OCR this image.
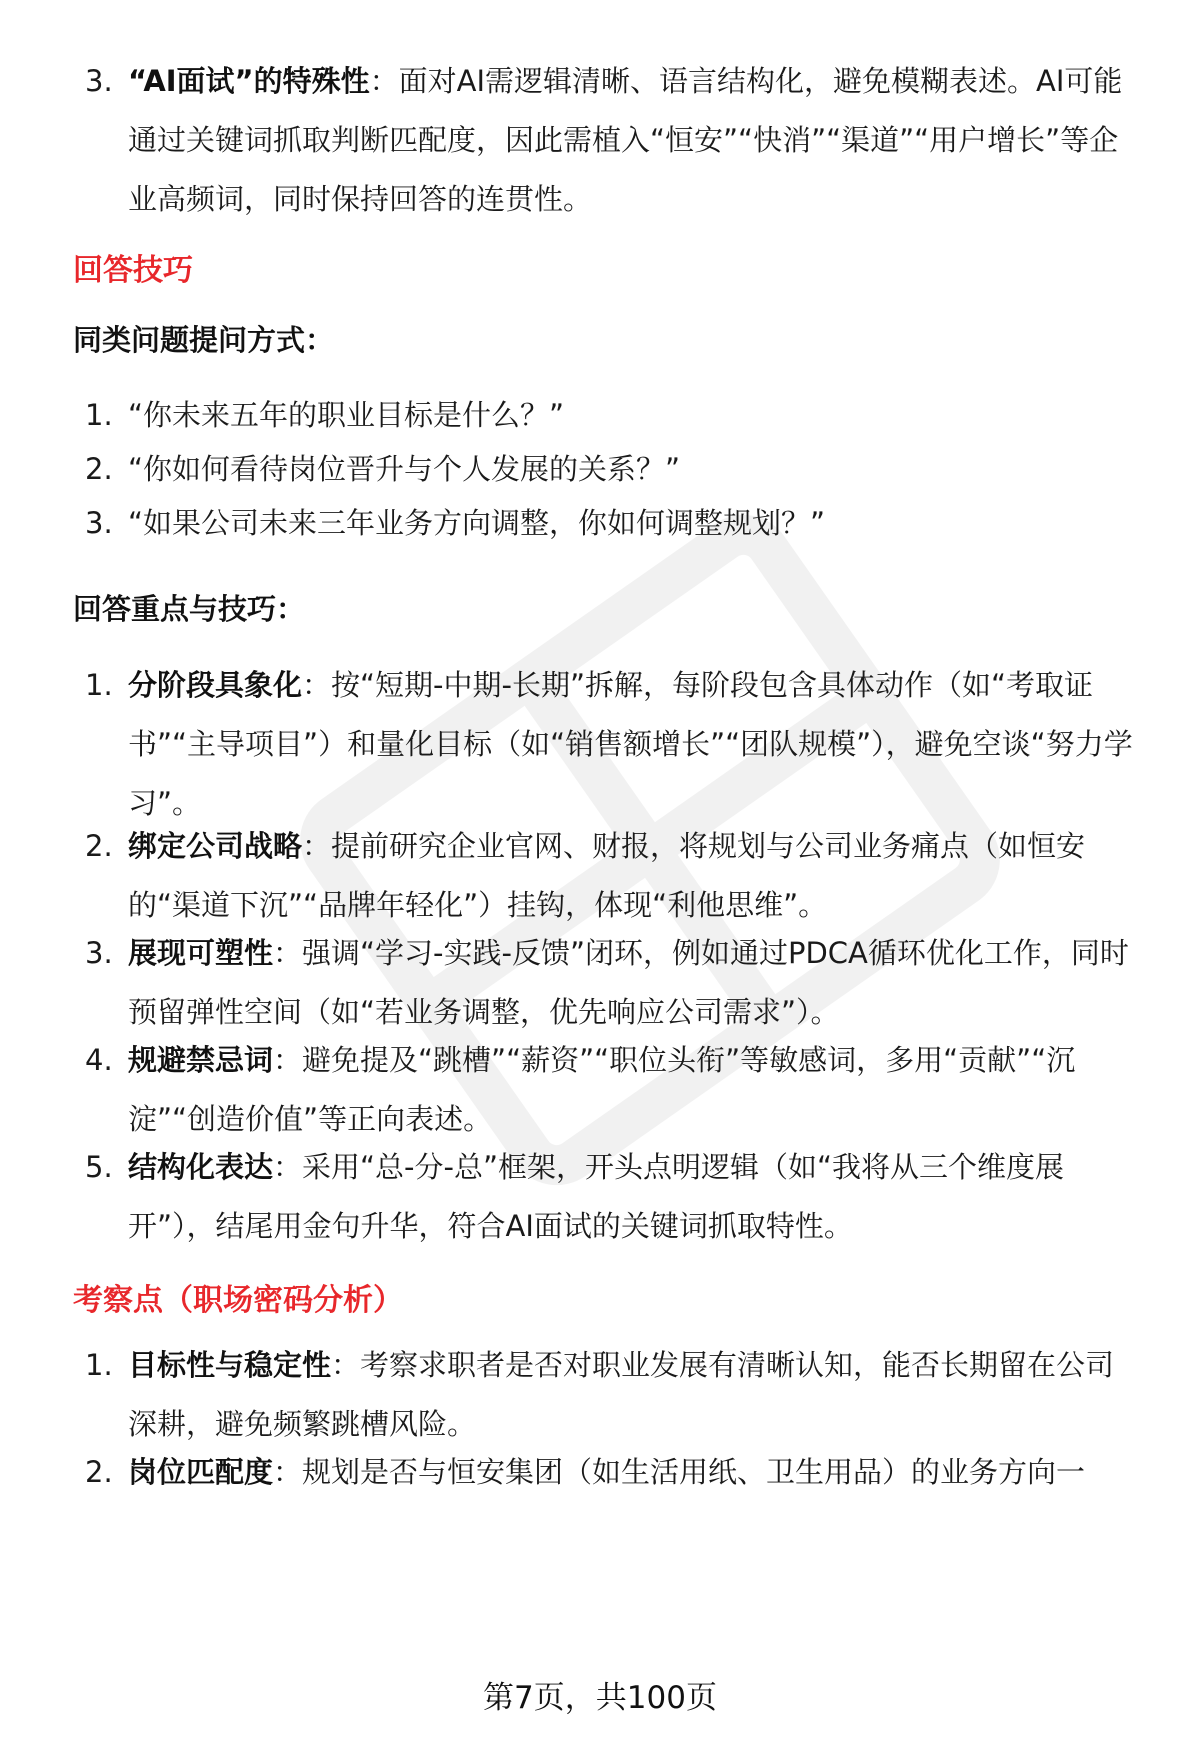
3. “AI面试”的特殊性：面对AI需逻辑清晰、语言结构化，避免模糊表述。AI可能通过关键词抓取判断匹配度，因此需植入“恒安”“快消”“渠道”“用户增长”等企业高频词，同时保持回答的连贯性。
回答技巧
同类问题提问方式：
1. “你未来五年的职业目标是什么？”
2. “你如何看待岗位晋升与个人发展的关系？”
3. “如果公司未来三年业务方向调整，你如何调整规划？”
回答重点与技巧：
1. 分阶段具象化：按“短期-中期-长期”拆解，每阶段包含具体动作（如“考取证书”“主导项目”）和量化目标（如“销售额增长”“团队规模”），避免空谈“努力学习”。
2. 绑定公司战略：提前研究企业官网、财报，将规划与公司业务痛点（如恒安的“渠道下沉”“品牌年轻化”）挂钩，体现“利他思维”。
3. 展现可塑性：强调“学习-实践-反馈”闭环，例如通过PDCA循环优化工作，同时预留弹性空间（如“若业务调整，优先响应公司需求”）。
4. 规避禁忌词：避免提及“跳槽”“薪资”“职位头衔”等敏感词，多用“贡献”“沉淀”“创造价值”等正向表述。
5. 结构化表达：采用“总-分-总”框架，开头点明逻辑（如“我将从三个维度展开”），结尾用金句升华，符合AI面试的关键词抓取特性。
考察点（职场密码分析）
1. 目标性与稳定性：考察求职者是否对职业发展有清晰认知，能否长期留在公司深耕，避免频繁跳槽风险。
2. 岗位匹配度：规划是否与恒安集团（如生活用纸、卫生用品）的业务方向一
第7页，共100页
